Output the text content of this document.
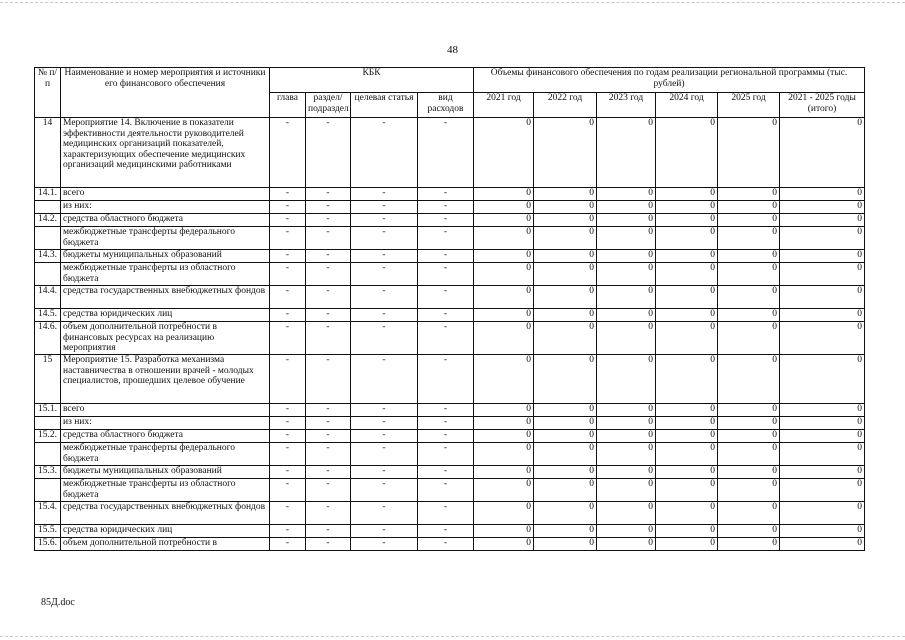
48
№ п/п	Наименование и номер мероприятия и источники его финансового обеспечения	КБК				Объемы финансового обеспечения по годам реализации региональной программы (тыс. рублей)					
		глава	раздел/ подраздел	целевая статья	вид расходов	2021 год	2022 год	2023 год	2024 год	2025 год	2021 - 2025 годы (итого)
14	Мероприятие 14. Включение в показатели эффективности деятельности руководителей медицинских организаций показателей, характеризующих обеспечение медицинских организаций медицинскими работниками	-	-	-	-	0	0	0	0	0	0
14.1.	всего	-	-	-	-	0	0	0	0	0	0
	из них:	-	-	-	-	0	0	0	0	0	0
14.2.	средства областного бюджета	-	-	-	-	0	0	0	0	0	0
	межбюджетные трансферты федерального бюджета	-	-	-	-	0	0	0	0	0	0
14.3.	бюджеты муниципальных образований	-	-	-	-	0	0	0	0	0	0
	межбюджетные трансферты из областного бюджета	-	-	-	-	0	0	0	0	0	0
14.4.	средства государственных внебюджетных фондов	-	-	-	-	0	0	0	0	0	0
14.5.	средства юридических лиц	-	-	-	-	0	0	0	0	0	0
14.6.	объем дополнительной потребности в финансовых ресурсах на реализацию мероприятия	-	-	-	-	0	0	0	0	0	0
15	Мероприятие 15. Разработка механизма наставничества в отношении врачей - молодых специалистов, прошедших целевое обучение	-	-	-	-	0	0	0	0	0	0
15.1.	всего	-	-	-	-	0	0	0	0	0	0
	из них:	-	-	-	-	0	0	0	0	0	0
15.2.	средства областного бюджета	-	-	-	-	0	0	0	0	0	0
	межбюджетные трансферты федерального бюджета	-	-	-	-	0	0	0	0	0	0
15.3.	бюджеты муниципальных образований	-	-	-	-	0	0	0	0	0	0
	межбюджетные трансферты из областного бюджета	-	-	-	-	0	0	0	0	0	0
15.4.	средства государственных внебюджетных фондов	-	-	-	-	0	0	0	0	0	0
15.5.	средства юридических лиц	-	-	-	-	0	0	0	0	0	0
15.6.	объем дополнительной потребности в	-	-	-	-	0	0	0	0	0	0
85Д.doc
